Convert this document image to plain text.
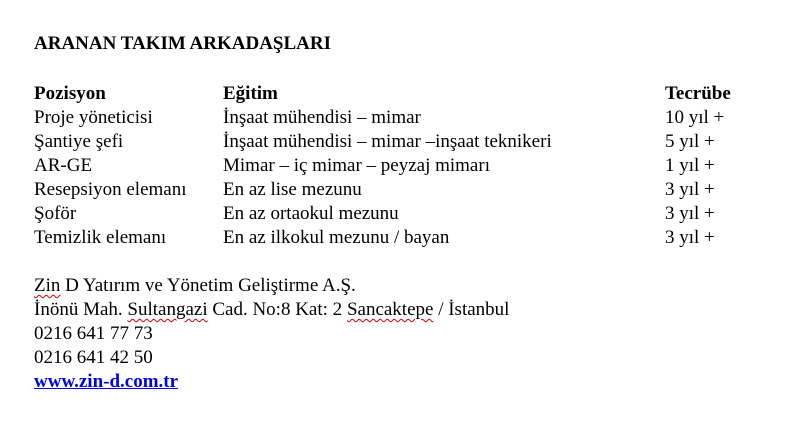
ARANAN TAKIM ARKADAŞLARI
Pozisyon	Eğitim	Tecrübe
Proje yöneticisi	İnşaat mühendisi – mimar	10 yıl +
Şantiye şefi	İnşaat mühendisi – mimar –inşaat teknikeri	5 yıl +
AR-GE	Mimar – iç mimar – peyzaj mimarı	1 yıl +
Resepsiyon elemanı	En az lise mezunu	3 yıl +
Şoför	En az ortaokul mezunu	3 yıl +
Temizlik elemanı	En az ilkokul mezunu / bayan	3 yıl +
Zin D Yatırım ve Yönetim Geliştirme A.Ş.
İnönü Mah. Sultangazi Cad. No:8 Kat: 2 Sancaktepe / İstanbul
0216 641 77 73
0216 641 42 50
www.zin-d.com.tr
